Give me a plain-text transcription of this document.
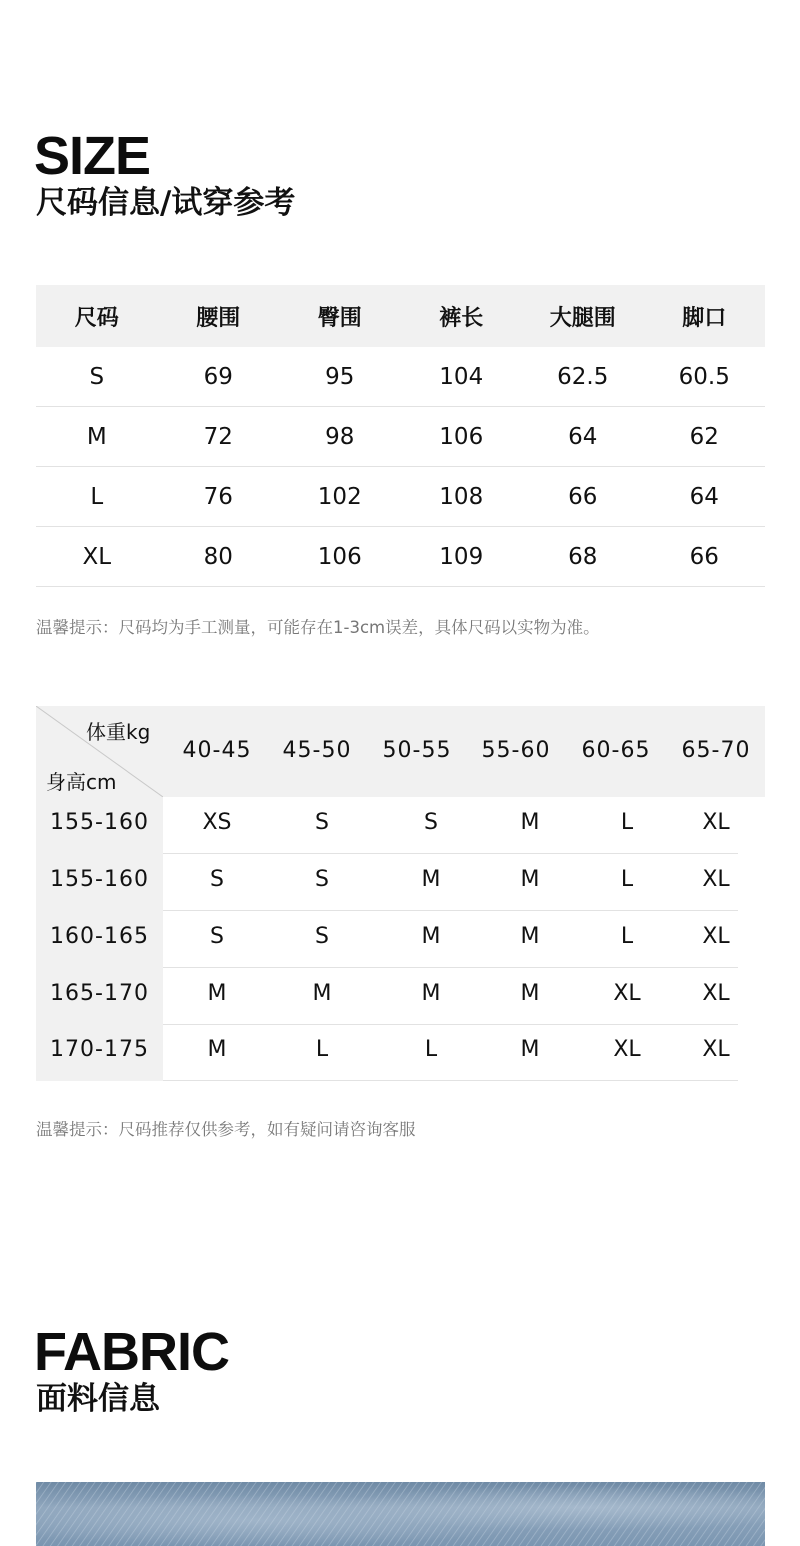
SIZE
尺码信息/试穿参考
尺码	腰围	臀围	裤长	大腿围	脚口
S	69	95	104	62.5	60.5
M	72	98	106	64	62
L	76	102	108	66	64
XL	80	106	109	68	66
温馨提示：尺码均为手工测量，可能存在1-3cm误差，具体尺码以实物为准。
体重kg
身高cm
40-45	45-50	50-55	55-60	60-65	65-70
155-160	XS	S	S	M	L	XL
155-160	S	S	M	M	L	XL
160-165	S	S	M	M	L	XL
165-170	M	M	M	M	XL	XL
170-175	M	L	L	M	XL	XL
温馨提示：尺码推荐仅供参考，如有疑问请咨询客服
FABRIC
面料信息
